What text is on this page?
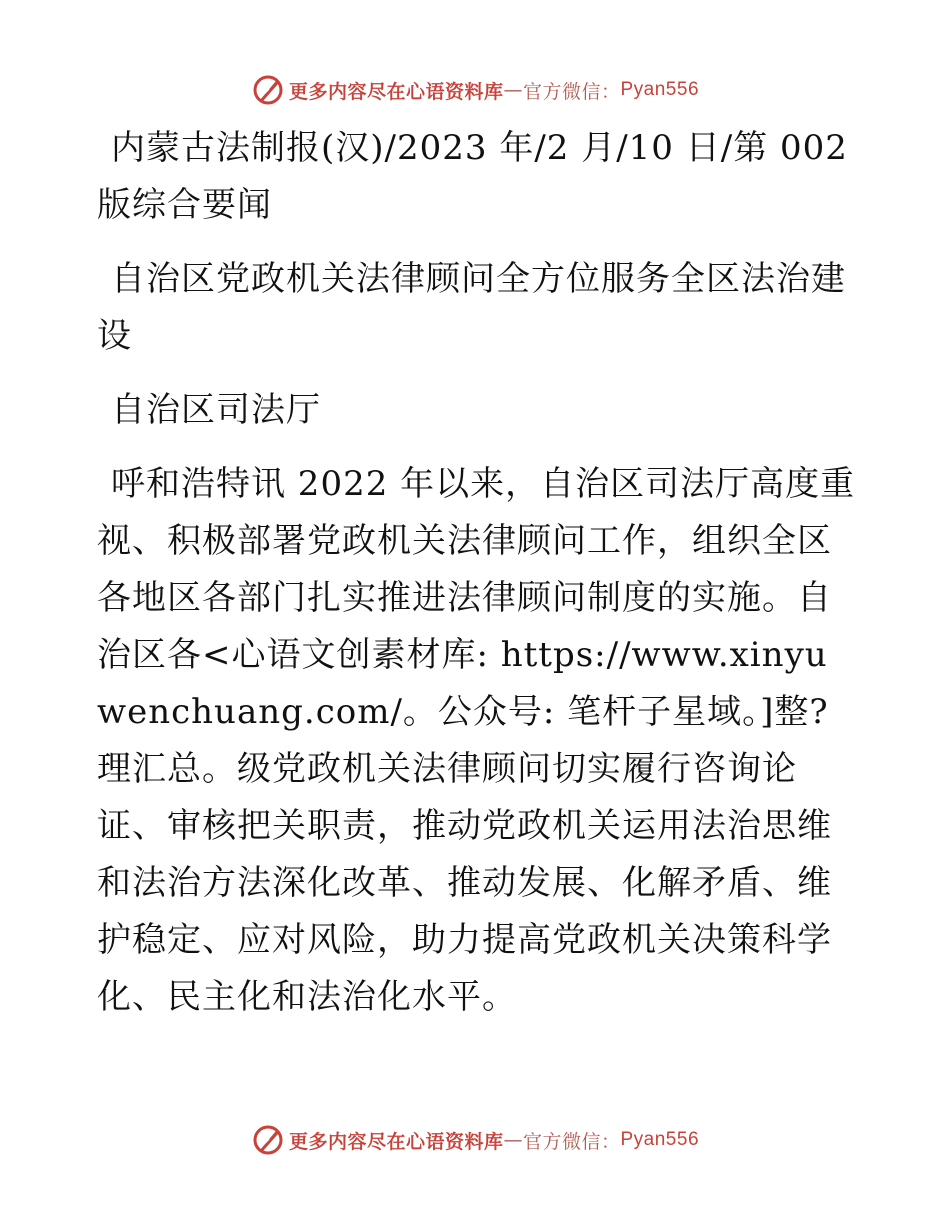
更多内容尽在心语资料库 — 官方微信： Pyan556

内蒙古法制报(汉)/2023 年/2 月/10 日/第 002 版综合要闻

自治区党政机关法律顾问全方位服务全区法治建设

自治区司法厅

呼和浩特讯 2022 年以来，自治区司法厅高度重视、积极部署党政机关法律顾问工作，组织全区各地区各部门扎实推进法律顾问制度的实施。自治区各<心语文创素材库: https://www.xinyuwenchuang.com/。公众号: 笔杆子星域。]整?理汇总。级党政机关法律顾问切实履行咨询论证、审核把关职责，推动党政机关运用法治思维和法治方法深化改革、推动发展、化解矛盾、维护稳定、应对风险，助力提高党政机关决策科学化、民主化和法治化水平。

更多内容尽在心语资料库 — 官方微信： Pyan556
